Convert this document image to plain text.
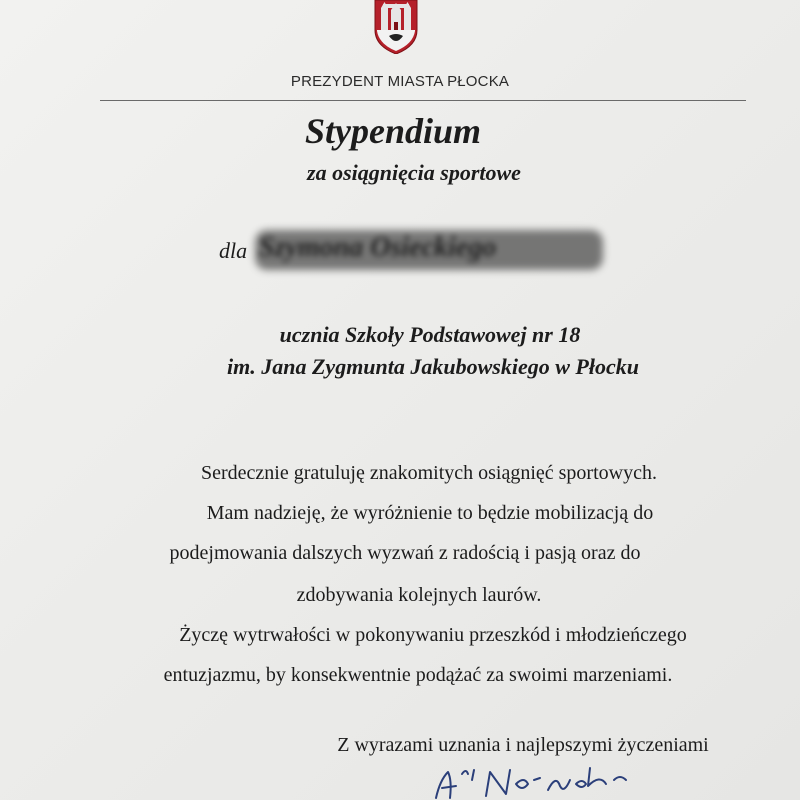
PREZYDENT MIASTA PŁOCKA
Stypendium
za osiągnięcia sportowe
dla
ucznia Szkoły Podstawowej nr 18
im. Jana Zygmunta Jakubowskiego w Płocku
Serdecznie gratuluję znakomitych osiągnięć sportowych.
Mam nadzieję, że wyróżnienie to będzie mobilizacją do
podejmowania dalszych wyzwań z radością i pasją oraz do
zdobywania kolejnych laurów.
Życzę wytrwałości w pokonywaniu przeszkód i młodzieńczego
entuzjazmu, by konsekwentnie podążać za swoimi marzeniami.
Z wyrazami uznania i najlepszymi życzeniami
